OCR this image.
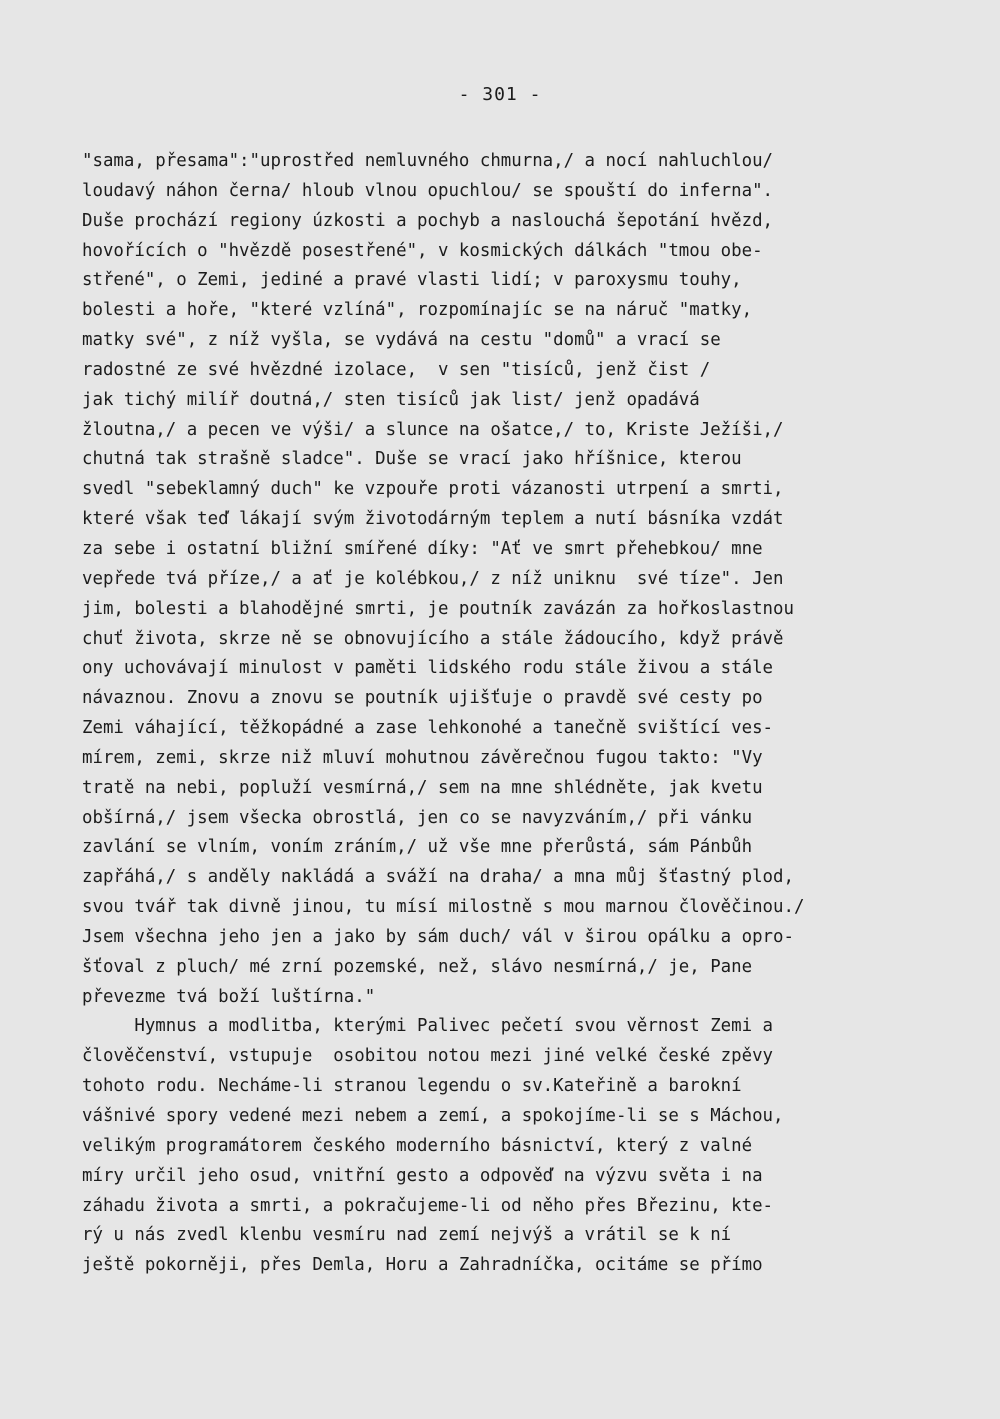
- 301 -
"sama, přesama":"uprostřed nemluvného chmurna,/ a nocí nahluchlou/
loudavý náhon černa/ hloub vlnou opuchlou/ se spouští do inferna".
Duše prochází regiony úzkosti a pochyb a naslouchá šepotání hvězd,
hovořících o "hvězdě posestřené", v kosmických dálkách "tmou obe-
střené", o Zemi, jediné a pravé vlasti lidí; v paroxysmu touhy,
bolesti a hoře, "které vzlíná", rozpomínajíc se na náruč "matky,
matky své", z níž vyšla, se vydává na cestu "domů" a vrací se
radostné ze své hvězdné izolace,  v sen "tisíců, jenž čist /
jak tichý milíř doutná,/ sten tisíců jak list/ jenž opadává
žloutna,/ a pecen ve výši/ a slunce na ošatce,/ to, Kriste Ježíši,/
chutná tak strašně sladce". Duše se vrací jako hříšnice, kterou
svedl "sebeklamný duch" ke vzpouře proti vázanosti utrpení a smrti,
které však teď lákají svým životodárným teplem a nutí básníka vzdát
za sebe i ostatní bližní smířené díky: "Ať ve smrt přehebkou/ mne
vepřede tvá příze,/ a ať je kolébkou,/ z níž uniknu  své tíze". Jen
jim, bolesti a blahodějné smrti, je poutník zavázán za hořkoslastnou
chuť života, skrze ně se obnovujícího a stále žádoucího, když právě
ony uchovávají minulost v paměti lidského rodu stále živou a stále
návaznou. Znovu a znovu se poutník ujišťuje o pravdě své cesty po
Zemi váhající, těžkopádné a zase lehkonohé a tanečně svištící ves-
mírem, zemi, skrze niž mluví mohutnou závěrečnou fugou takto: "Vy
tratě na nebi, popluží vesmírná,/ sem na mne shlédněte, jak kvetu
obšírná,/ jsem všecka obrostlá, jen co se navyzváním,/ při vánku
zavlání se vlním, voním zráním,/ už vše mne přerůstá, sám Pánbůh
zapřáhá,/ s anděly nakládá a sváží na draha/ a mna můj šťastný plod,
svou tvář tak divně jinou, tu mísí milostně s mou marnou člověčinou./
Jsem všechna jeho jen a jako by sám duch/ vál v širou opálku a opro-
šťoval z pluch/ mé zrní pozemské, než, slávo nesmírná,/ je, Pane
převezme tvá boží luštírna."
Hymnus a modlitba, kterými Palivec pečetí svou věrnost Zemi a
člověčenství, vstupuje  osobitou notou mezi jiné velké české zpěvy
tohoto rodu. Necháme-li stranou legendu o sv.Kateřině a barokní
vášnivé spory vedené mezi nebem a zemí, a spokojíme-li se s Máchou,
velikým programátorem českého moderního básnictví, který z valné
míry určil jeho osud, vnitřní gesto a odpověď na výzvu světa i na
záhadu života a smrti, a pokračujeme-li od něho přes Březinu, kte-
rý u nás zvedl klenbu vesmíru nad zemí nejvýš a vrátil se k ní
ještě pokorněji, přes Demla, Horu a Zahradníčka, ocitáme se přímo
